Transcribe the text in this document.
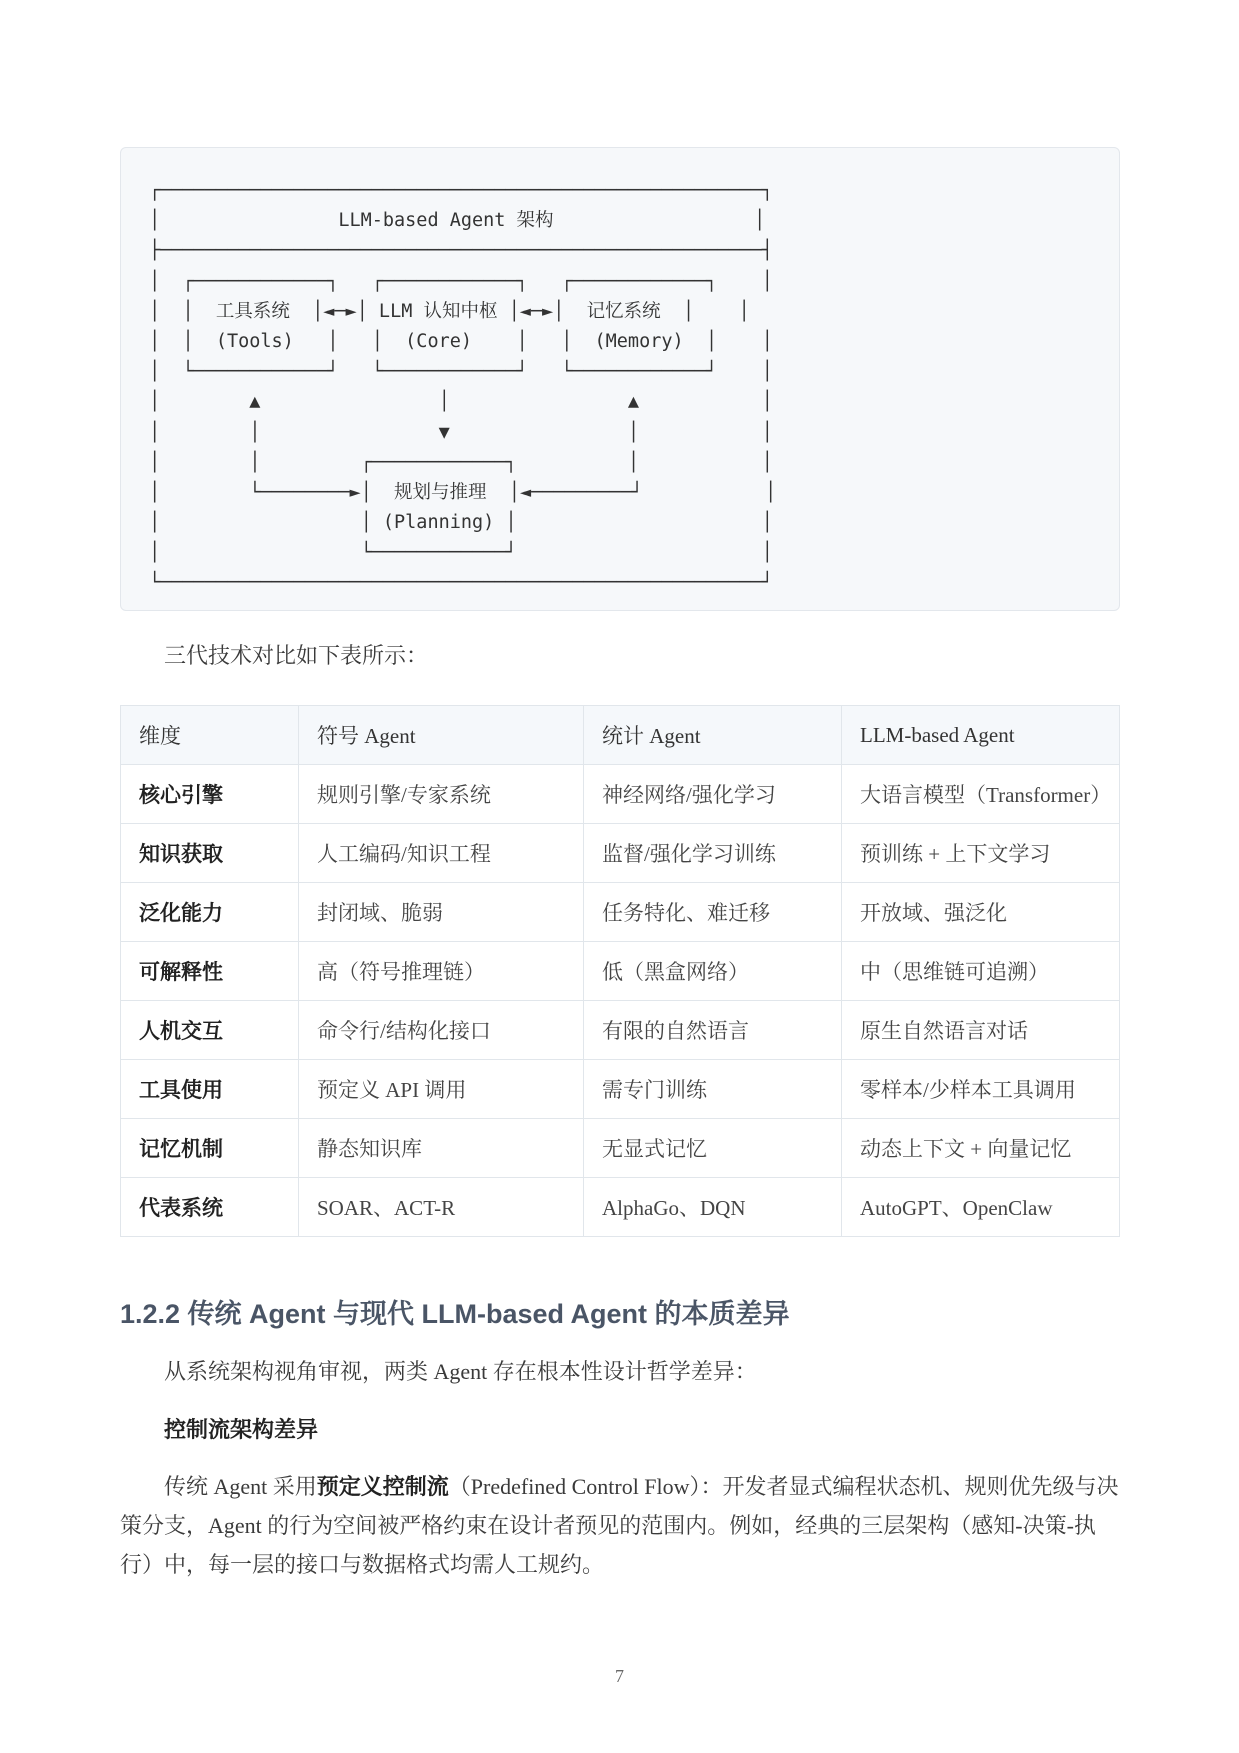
┌──────────────────────────────────────────────────────┐
│                LLM-based Agent 架构                  │
├──────────────────────────────────────────────────────┤
│  ┌────────────┐   ┌────────────┐   ┌────────────┐    │
│  │  工具系统  │◄─►│ LLM 认知中枢 │◄─►│  记忆系统  │    │
│  │  (Tools)   │   │  (Core)    │   │  (Memory)  │    │
│  └────────────┘   └────────────┘   └────────────┘    │
│        ▲                │                ▲           │
│        │                ▼                │           │
│        │         ┌────────────┐          │           │
│        └────────►│  规划与推理  │◄─────────┘           │
│                  │ (Planning) │                      │
│                  └────────────┘                      │
└──────────────────────────────────────────────────────┘
三代技术对比如下表所示：
维度	符号 Agent	统计 Agent	LLM-based Agent
核心引擎	规则引擎/专家系统	神经网络/强化学习	大语言模型（Transformer）
知识获取	人工编码/知识工程	监督/强化学习训练	预训练 + 上下文学习
泛化能力	封闭域、脆弱	任务特化、难迁移	开放域、强泛化
可解释性	高（符号推理链）	低（黑盒网络）	中（思维链可追溯）
人机交互	命令行/结构化接口	有限的自然语言	原生自然语言对话
工具使用	预定义 API 调用	需专门训练	零样本/少样本工具调用
记忆机制	静态知识库	无显式记忆	动态上下文 + 向量记忆
代表系统	SOAR、ACT-R	AlphaGo、DQN	AutoGPT、OpenClaw
1.2.2 传统 Agent 与现代 LLM-based Agent 的本质差异
从系统架构视角审视，两类 Agent 存在根本性设计哲学差异：
控制流架构差异
传统 Agent 采用预定义控制流（Predefined Control Flow）：开发者显式编程状态机、规则优先级与决策分支，Agent 的行为空间被严格约束在设计者预见的范围内。例如，经典的三层架构（感知-决策-执行）中，每一层的接口与数据格式均需人工规约。
7
